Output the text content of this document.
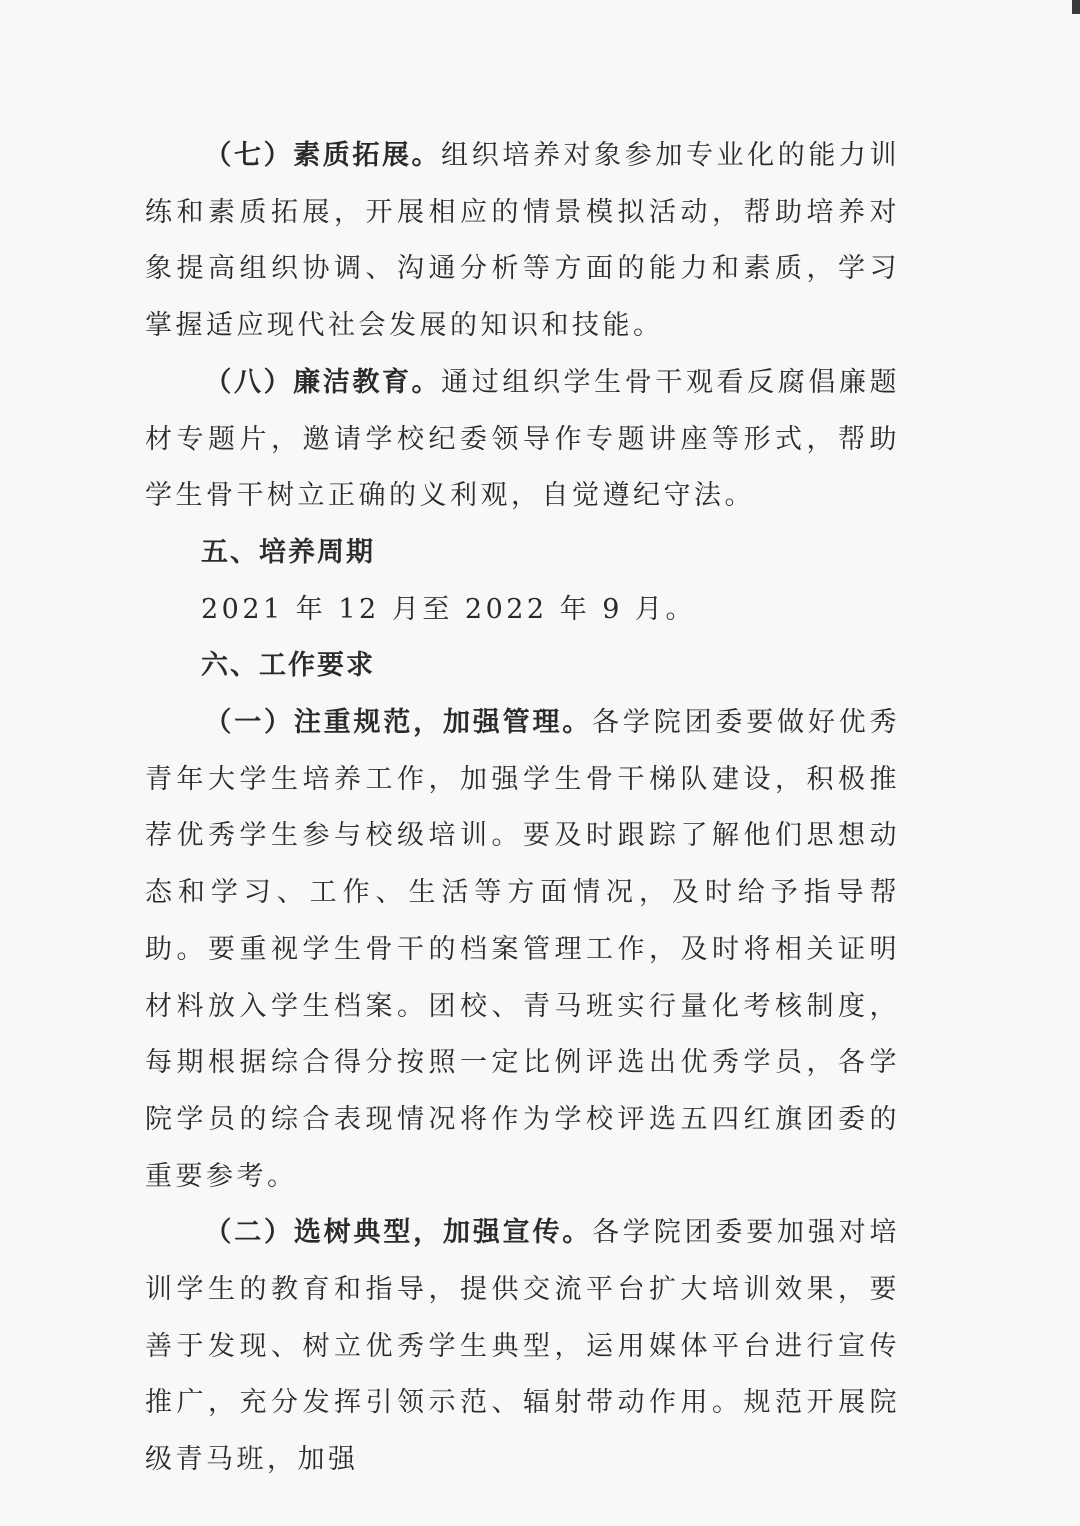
（七）素质拓展。组织培养对象参加专业化的能力训练和素质拓展，开展相应的情景模拟活动，帮助培养对象提高组织协调、沟通分析等方面的能力和素质，学习掌握适应现代社会发展的知识和技能。

（八）廉洁教育。通过组织学生骨干观看反腐倡廉题材专题片，邀请学校纪委领导作专题讲座等形式，帮助学生骨干树立正确的义利观，自觉遵纪守法。

五、培养周期

2021 年 12 月至 2022 年 9 月。

六、工作要求

（一）注重规范，加强管理。各学院团委要做好优秀青年大学生培养工作，加强学生骨干梯队建设，积极推荐优秀学生参与校级培训。要及时跟踪了解他们思想动态和学习、工作、生活等方面情况，及时给予指导帮助。要重视学生骨干的档案管理工作，及时将相关证明材料放入学生档案。团校、青马班实行量化考核制度，每期根据综合得分按照一定比例评选出优秀学员，各学院学员的综合表现情况将作为学校评选五四红旗团委的重要参考。

（二）选树典型，加强宣传。各学院团委要加强对培训学生的教育和指导，提供交流平台扩大培训效果，要善于发现、树立优秀学生典型，运用媒体平台进行宣传推广，充分发挥引领示范、辐射带动作用。规范开展院级青马班，加强
